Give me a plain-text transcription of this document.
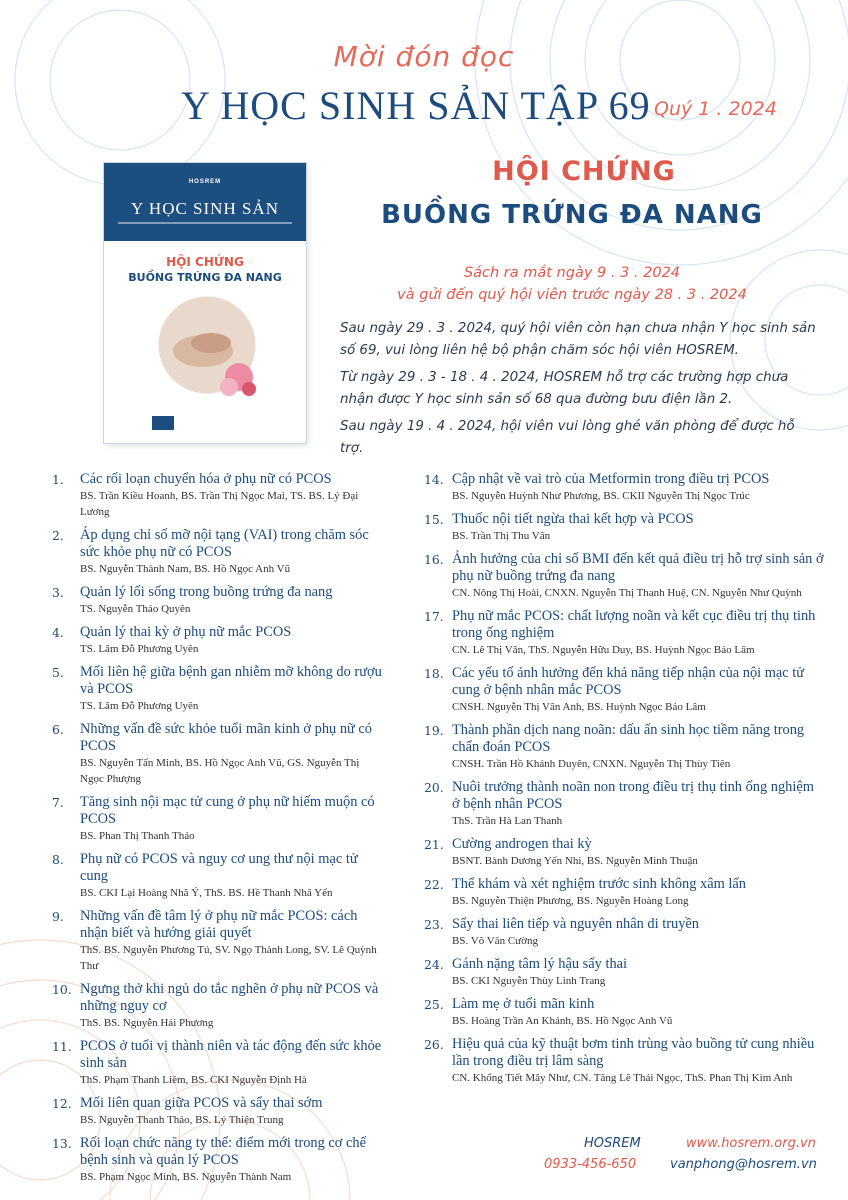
Mời đón đọc
Y HỌC SINH SẢN TẬP 69 Quý 1 . 2024
HOSREM
Y HỌC SINH SẢN
HỘI CHỨNG
BUỒNG TRỨNG ĐA NANG
HỘI CHỨNG
BUỒNG TRỨNG ĐA NANG
Sách ra mắt ngày 9 . 3 . 2024
và gửi đến quý hội viên trước ngày 28 . 3 . 2024

Sau ngày 29 . 3 . 2024, quý hội viên còn hạn chưa nhận Y học sinh sản số 69, vui lòng liên hệ bộ phận chăm sóc hội viên HOSREM.

Từ ngày 29 . 3 - 18 . 4 . 2024, HOSREM hỗ trợ các trường hợp chưa nhận được Y học sinh sản số 68 qua đường bưu điện lần 2.

Sau ngày 19 . 4 . 2024, hội viên vui lòng ghé văn phòng để được hỗ trợ.

1. Các rối loạn chuyển hóa ở phụ nữ có PCOS
BS. Trần Kiều Hoanh, BS. Trần Thị Ngọc Mai, TS. BS. Lý Đại Lương
2. Áp dụng chỉ số mỡ nội tạng (VAI) trong chăm sóc sức khỏe phụ nữ có PCOS
BS. Nguyễn Thành Nam, BS. Hồ Ngọc Anh Vũ
3. Quản lý lối sống trong buồng trứng đa nang
TS. Nguyễn Thảo Quyên
4. Quản lý thai kỳ ở phụ nữ mắc PCOS
TS. Lâm Đỗ Phương Uyên
5. Mối liên hệ giữa bệnh gan nhiễm mỡ không do rượu và PCOS
TS. Lâm Đỗ Phương Uyên
6. Những vấn đề sức khỏe tuổi mãn kinh ở phụ nữ có PCOS
BS. Nguyễn Tấn Minh, BS. Hồ Ngọc Anh Vũ, GS. Nguyễn Thị Ngọc Phượng
7. Tăng sinh nội mạc tử cung ở phụ nữ hiếm muộn có PCOS
BS. Phan Thị Thanh Thảo
8. Phụ nữ có PCOS và nguy cơ ung thư nội mạc tử cung
BS. CKI Lại Hoàng Nhã Ý, ThS. BS. Hề Thanh Nhã Yến
9. Những vấn đề tâm lý ở phụ nữ mắc PCOS: cách nhận biết và hướng giải quyết
ThS. BS. Nguyễn Phương Tú, SV. Ngọ Thành Long, SV. Lê Quỳnh Thư
10. Ngưng thở khi ngủ do tắc nghẽn ở phụ nữ PCOS và những nguy cơ
ThS. BS. Nguyễn Hải Phương
11. PCOS ở tuổi vị thành niên và tác động đến sức khỏe sinh sản
ThS. Phạm Thanh Liêm, BS. CKI Nguyễn Định Hà
12. Mối liên quan giữa PCOS và sẩy thai sớm
BS. Nguyễn Thanh Thảo, BS. Lý Thiện Trung
13. Rối loạn chức năng ty thể: điểm mới trong cơ chế bệnh sinh và quản lý PCOS
BS. Phạm Ngọc Minh, BS. Nguyễn Thành Nam
14. Cập nhật về vai trò của Metformin trong điều trị PCOS
BS. Nguyễn Huỳnh Như Phương, BS. CKII Nguyễn Thị Ngọc Trúc
15. Thuốc nội tiết ngừa thai kết hợp và PCOS
BS. Trần Thị Thu Vân
16. Ảnh hưởng của chỉ số BMI đến kết quả điều trị hỗ trợ sinh sản ở phụ nữ buồng trứng đa nang
CN. Nông Thị Hoài, CNXN. Nguyễn Thị Thanh Huệ, CN. Nguyễn Như Quỳnh
17. Phụ nữ mắc PCOS: chất lượng noãn và kết cục điều trị thụ tinh trong ống nghiệm
CN. Lê Thị Vân, ThS. Nguyễn Hữu Duy, BS. Huỳnh Ngọc Bảo Lâm
18. Các yếu tố ảnh hưởng đến khả năng tiếp nhận của nội mạc tử cung ở bệnh nhân mắc PCOS
CNSH. Nguyễn Thị Vân Anh, BS. Huỳnh Ngọc Bảo Lâm
19. Thành phần dịch nang noãn: dấu ấn sinh học tiềm năng trong chẩn đoán PCOS
CNSH. Trần Hồ Khánh Duyên, CNXN. Nguyễn Thị Thùy Tiên
20. Nuôi trưởng thành noãn non trong điều trị thụ tinh ống nghiệm ở bệnh nhân PCOS
ThS. Trần Hà Lan Thanh
21. Cường androgen thai kỳ
BSNT. Bành Dương Yến Nhi, BS. Nguyễn Minh Thuận
22. Thể khám và xét nghiệm trước sinh không xâm lấn
BS. Nguyễn Thiện Phương, BS. Nguyễn Hoàng Long
23. Sẩy thai liên tiếp và nguyên nhân di truyền
BS. Võ Văn Cường
24. Gánh nặng tâm lý hậu sẩy thai
BS. CKI Nguyễn Thùy Linh Trang
25. Làm mẹ ở tuổi mãn kinh
BS. Hoàng Trần An Khánh, BS. Hồ Ngọc Anh Vũ
26. Hiệu quả của kỹ thuật bơm tinh trùng vào buồng tử cung nhiều lần trong điều trị lâm sàng
CN. Khổng Tiết Mây Như, CN. Tăng Lê Thái Ngọc, ThS. Phan Thị Kim Anh
HOSREM
0933-456-650
www.hosrem.org.vn
vanphong@hosrem.vn
